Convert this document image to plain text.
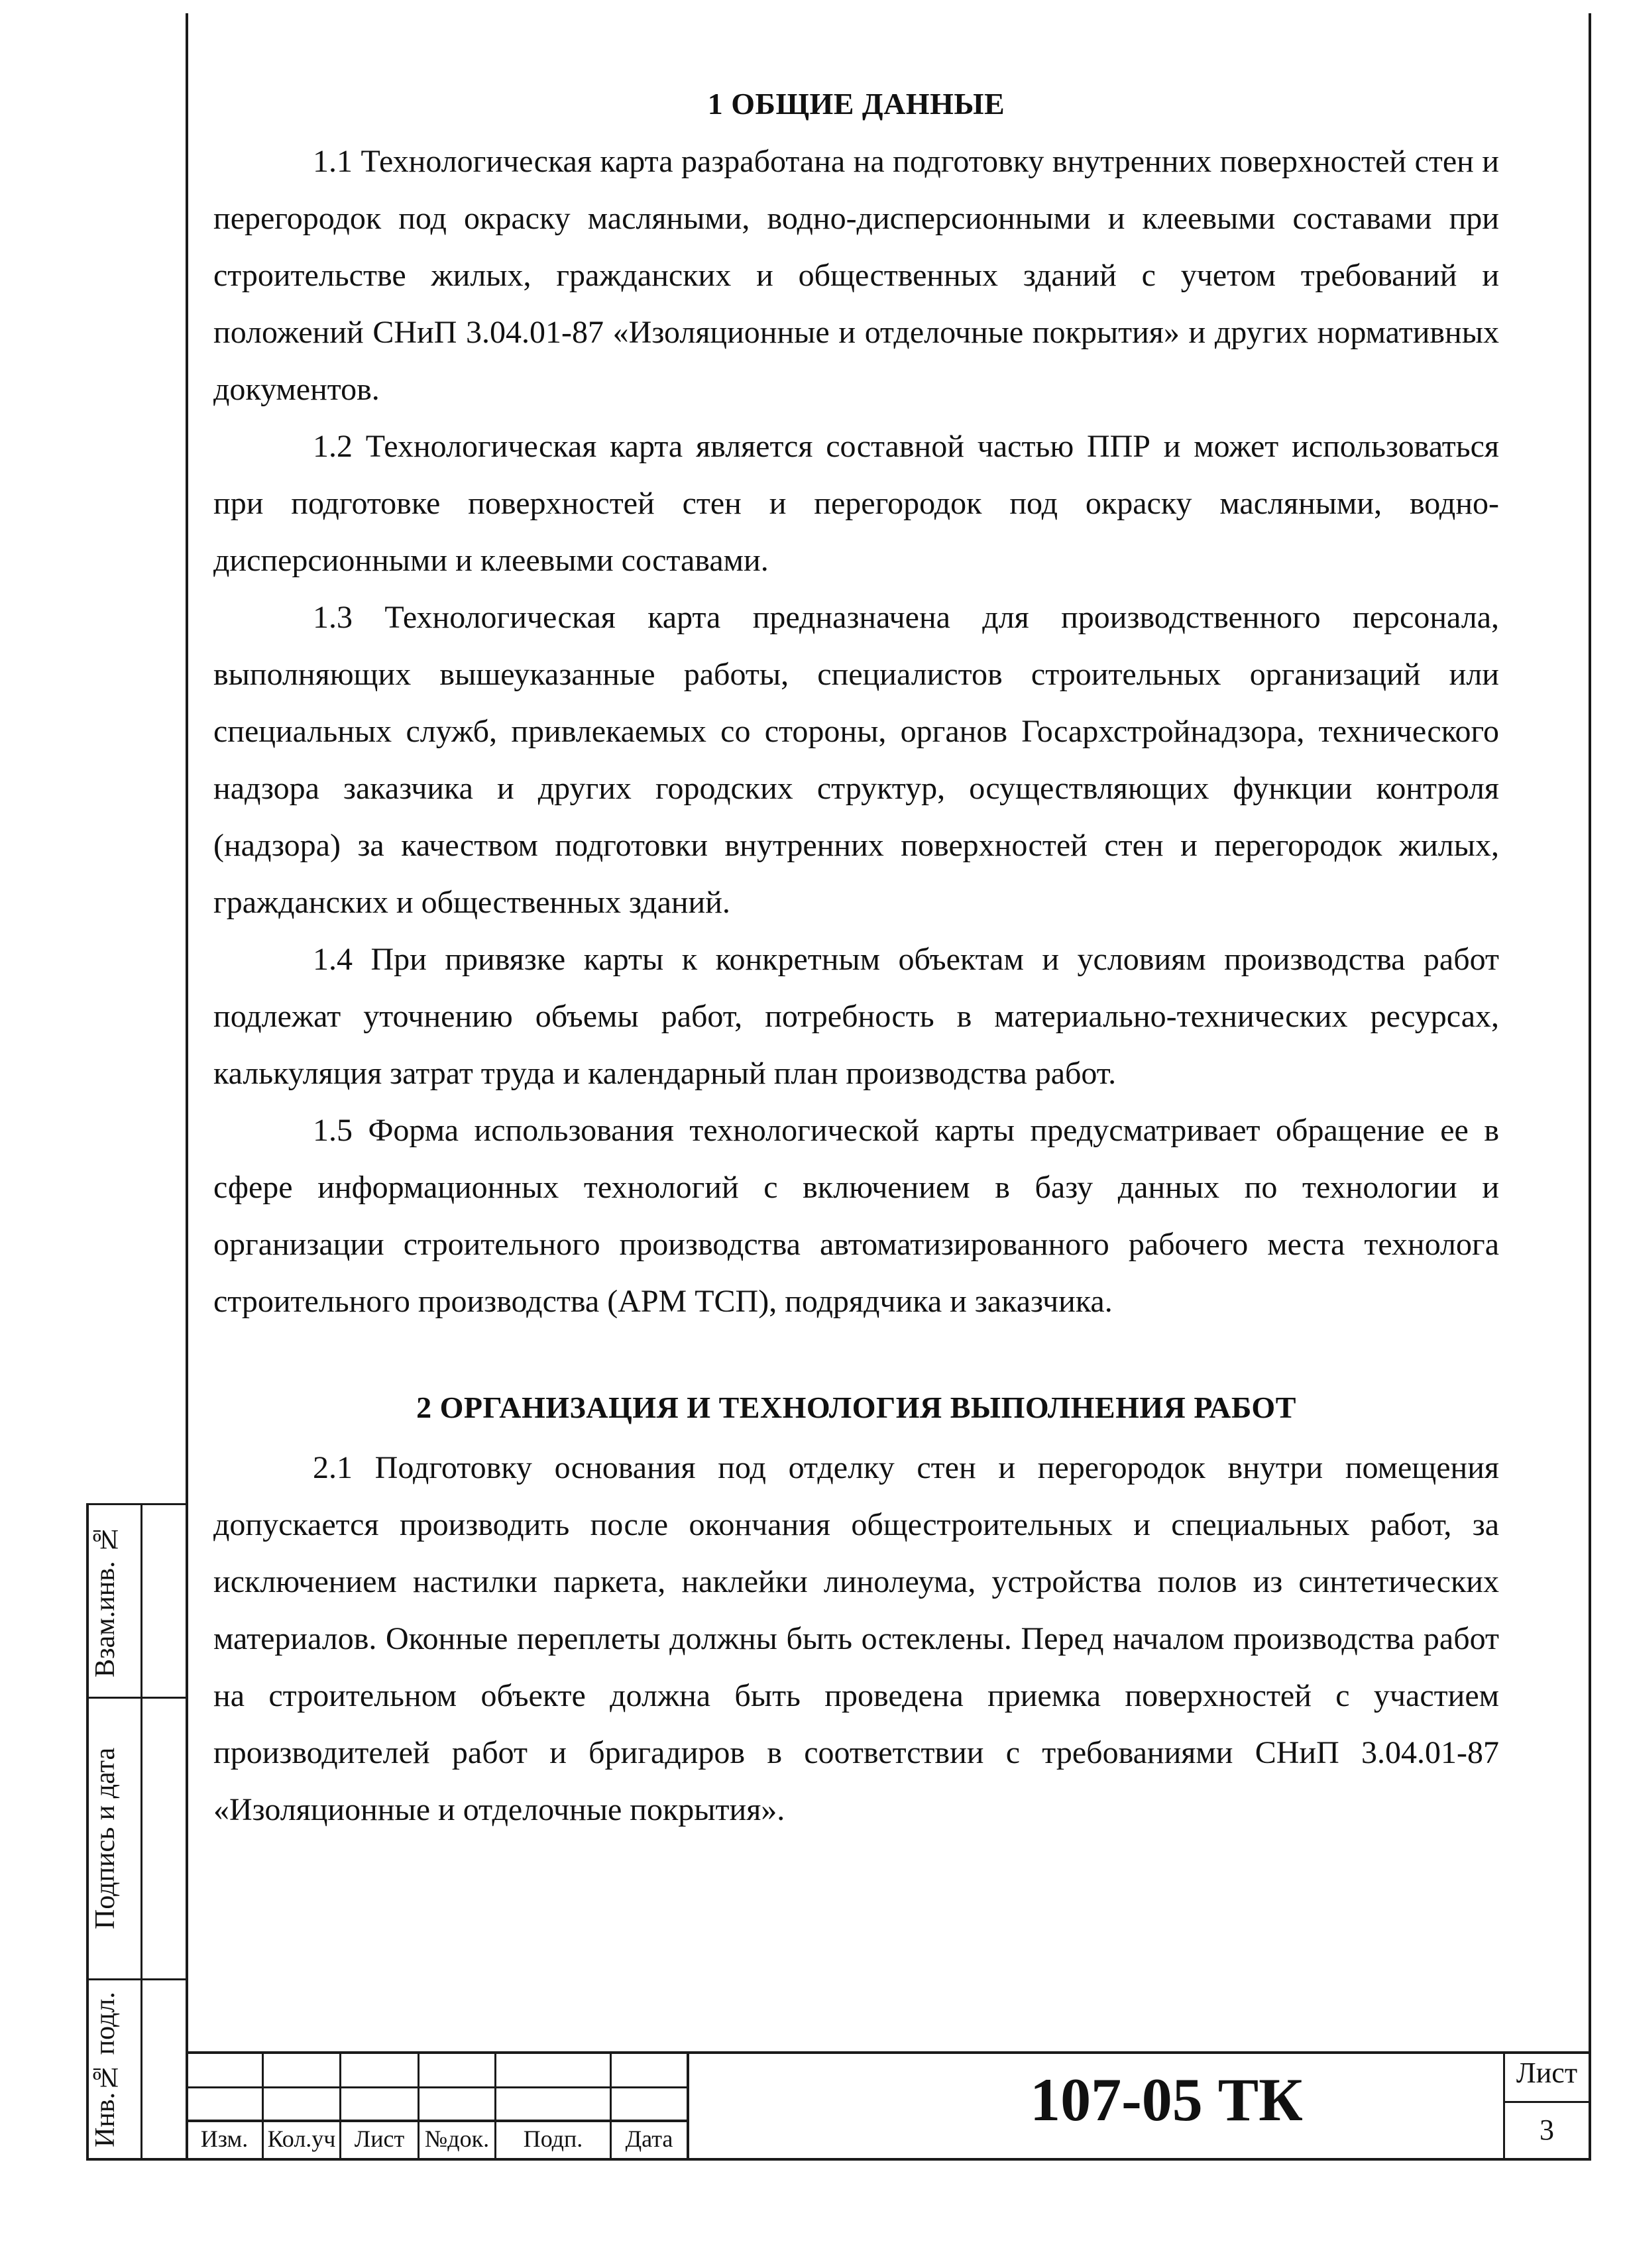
Взам.инв. №
Подпись и дата
Инв.№ подл.
1 ОБЩИЕ ДАННЫЕ

1.1 Технологическая карта разработана на подготовку внутренних поверхностей стен и перегородок под окраску масляными, водно-дисперсионными и клеевыми составами при строительстве жилых, гражданских и общественных зданий с учетом требований и положений СНиП 3.04.01-87 «Изоляционные и отделочные покрытия» и других нормативных документов.

1.2 Технологическая карта является составной частью ППР и может использоваться при подготовке поверхностей стен и перегородок под окраску масляными, водно-дисперсионными и клеевыми составами.

1.3 Технологическая карта предназначена для производственного персонала, выполняющих вышеуказанные работы, специалистов строительных организаций или специальных служб, привлекаемых со стороны, органов Госархстройнадзора, технического надзора заказчика и других городских структур, осуществляющих функции контроля (надзора) за качеством подготовки внутренних поверхностей стен и перегородок жилых, гражданских и общественных зданий.

1.4 При привязке карты к конкретным объектам и условиям производства работ подлежат уточнению объемы работ, потребность в материально-технических ресурсах, калькуляция затрат труда и календарный план производства работ.

1.5 Форма использования технологической карты предусматривает обращение ее в сфере информационных технологий с включением в базу данных по технологии и организации строительного производства автоматизированного рабочего места технолога строительного производства (АРМ ТСП), подрядчика и заказчика.

2 ОРГАНИЗАЦИЯ И ТЕХНОЛОГИЯ ВЫПОЛНЕНИЯ РАБОТ

2.1 Подготовку основания под отделку стен и перегородок внутри помещения допускается производить после окончания общестроительных и специальных работ, за исключением настилки паркета, наклейки линолеума, устройства полов из синтетических материалов. Оконные переплеты должны быть остеклены. Перед началом производства работ на строительном объекте должна быть проведена приемка поверхностей с участием производителей работ и бригадиров в соответствии с требованиями СНиП 3.04.01-87 «Изоляционные и отделочные покрытия».

Изм. Кол.уч Лист №док.	Подп.	Дата
107-05 ТК	Лист
3
